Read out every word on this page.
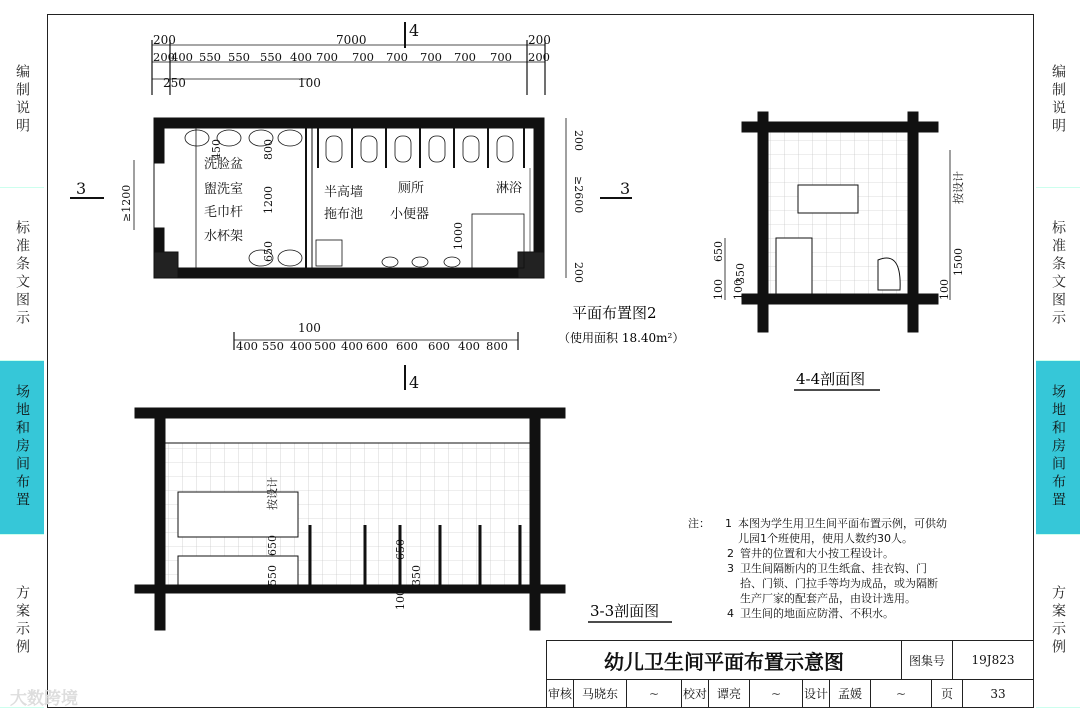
编制说明
标准条文图示
场地和房间布置
方案示例
编制说明
标准条文图示
场地和房间布置
方案示例
200	7000	200
4
4
3	3
250	100
100
200
400 550 550 550 400 700 700 700 700 700 700 200
400 550 400 500 400 600 600 600 400 800
洗脸盆
盥洗室
毛巾杆
水杯架
半高墙
拖布池
厕所
小便器
淋浴
450	800
1200
650
1000
≥1200
200
≥2600
200
平面布置图2
（使用面积 18.40m²）
100
650
350
100
按设计
1500
100
4-4剖面图
按设计
650
550
100
650
350
3-3剖面图
注：	1 本图为学生用卫生间平面布置示例，可供幼儿园1个班使用，使用人数约30人。
2 管井的位置和大小按工程设计。
3 卫生间隔断内的卫生纸盒、挂衣钩、门拾、门锁、门拉手等均为成品，或为隔断生产厂家的配套产品，由设计选用。
4 卫生间的地面应防滑、不积水。
幼儿卫生间平面布置示意图	图集号	19J823
审核 马晓东	~	校对 谭亮	~	设计 孟媛	~	页	33
大数跨境
